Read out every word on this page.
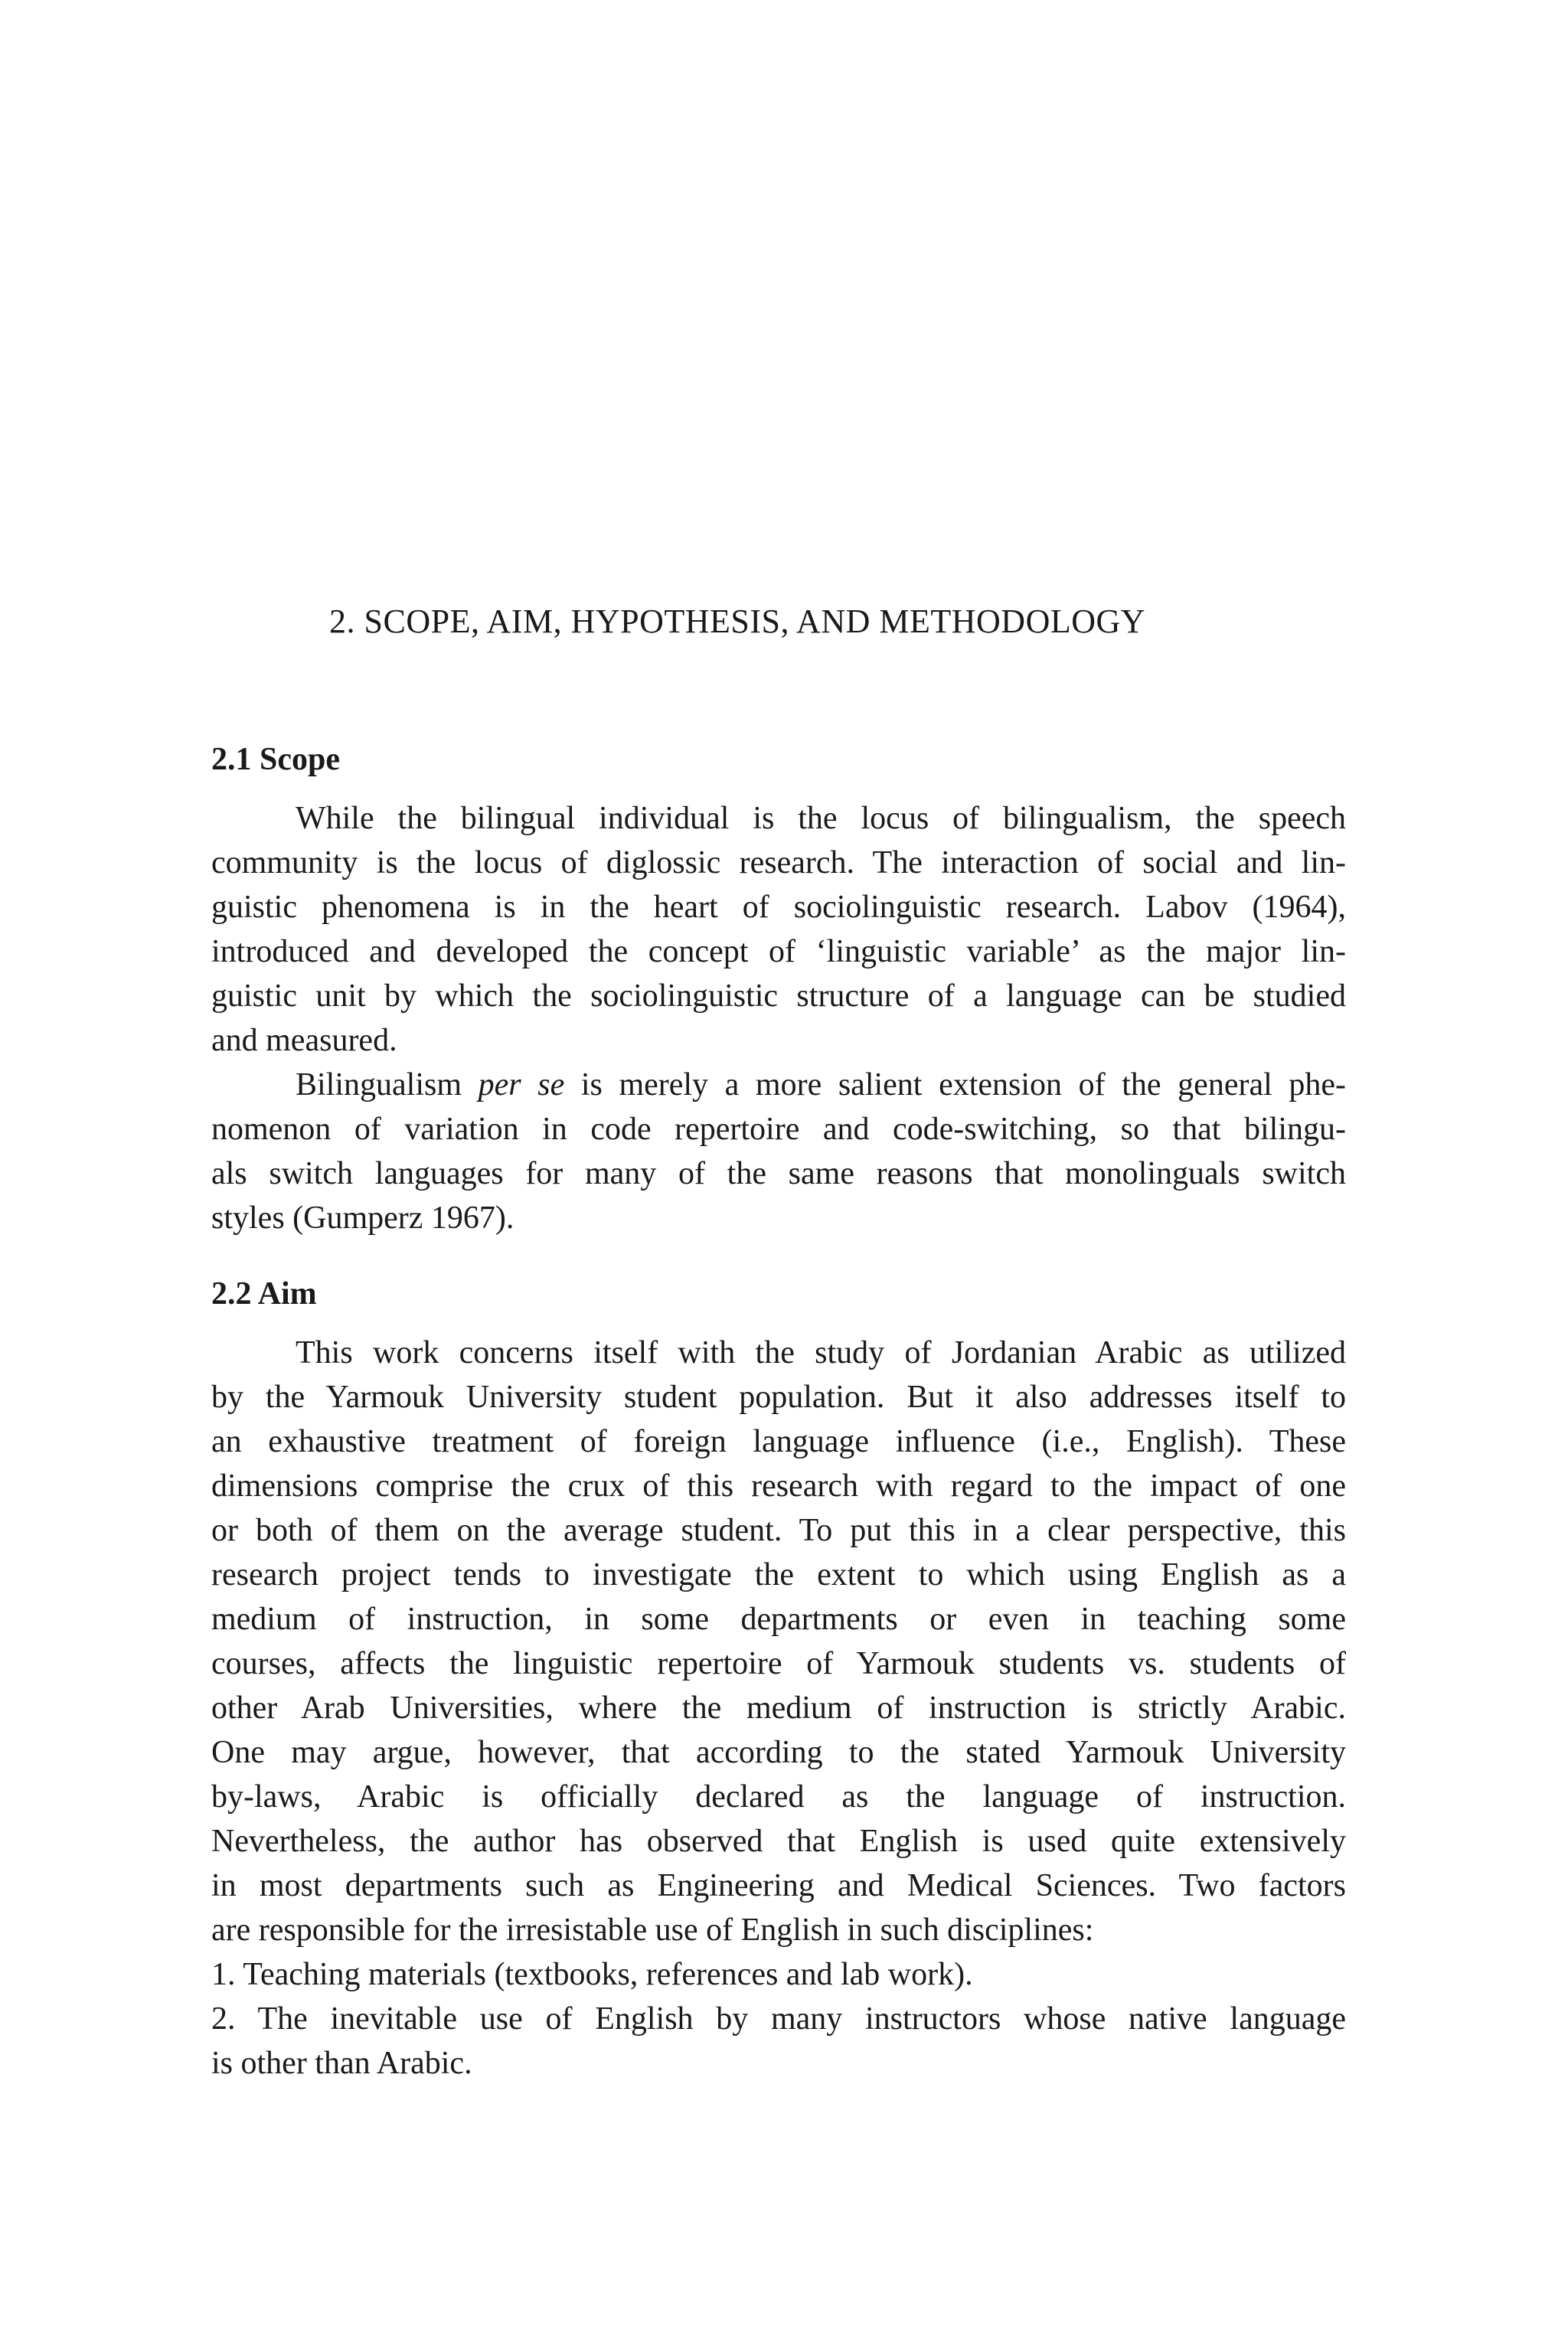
2. SCOPE, AIM, HYPOTHESIS, AND METHODOLOGY
2.1 Scope
While the bilingual individual is the locus of bilingualism, the speech
community is the locus of diglossic research. The interaction of social and lin-
guistic phenomena is in the heart of sociolinguistic research. Labov (1964),
introduced and developed the concept of ‘linguistic variable’ as the major lin-
guistic unit by which the sociolinguistic structure of a language can be studied
and measured.
Bilingualism per se is merely a more salient extension of the general phe-
nomenon of variation in code repertoire and code-switching, so that bilingu-
als switch languages for many of the same reasons that monolinguals switch
styles (Gumperz 1967).
2.2 Aim
This work concerns itself with the study of Jordanian Arabic as utilized
by the Yarmouk University student population. But it also addresses itself to
an exhaustive treatment of foreign language influence (i.e., English). These
dimensions comprise the crux of this research with regard to the impact of one
or both of them on the average student. To put this in a clear perspective, this
research project tends to investigate the extent to which using English as a
medium of instruction, in some departments or even in teaching some
courses, affects the linguistic repertoire of Yarmouk students vs. students of
other Arab Universities, where the medium of instruction is strictly Arabic.
One may argue, however, that according to the stated Yarmouk University
by-laws, Arabic is officially declared as the language of instruction.
Nevertheless, the author has observed that English is used quite extensively
in most departments such as Engineering and Medical Sciences. Two factors
are responsible for the irresistable use of English in such disciplines:
1. Teaching materials (textbooks, references and lab work).
2. The inevitable use of English by many instructors whose native language
is other than Arabic.
